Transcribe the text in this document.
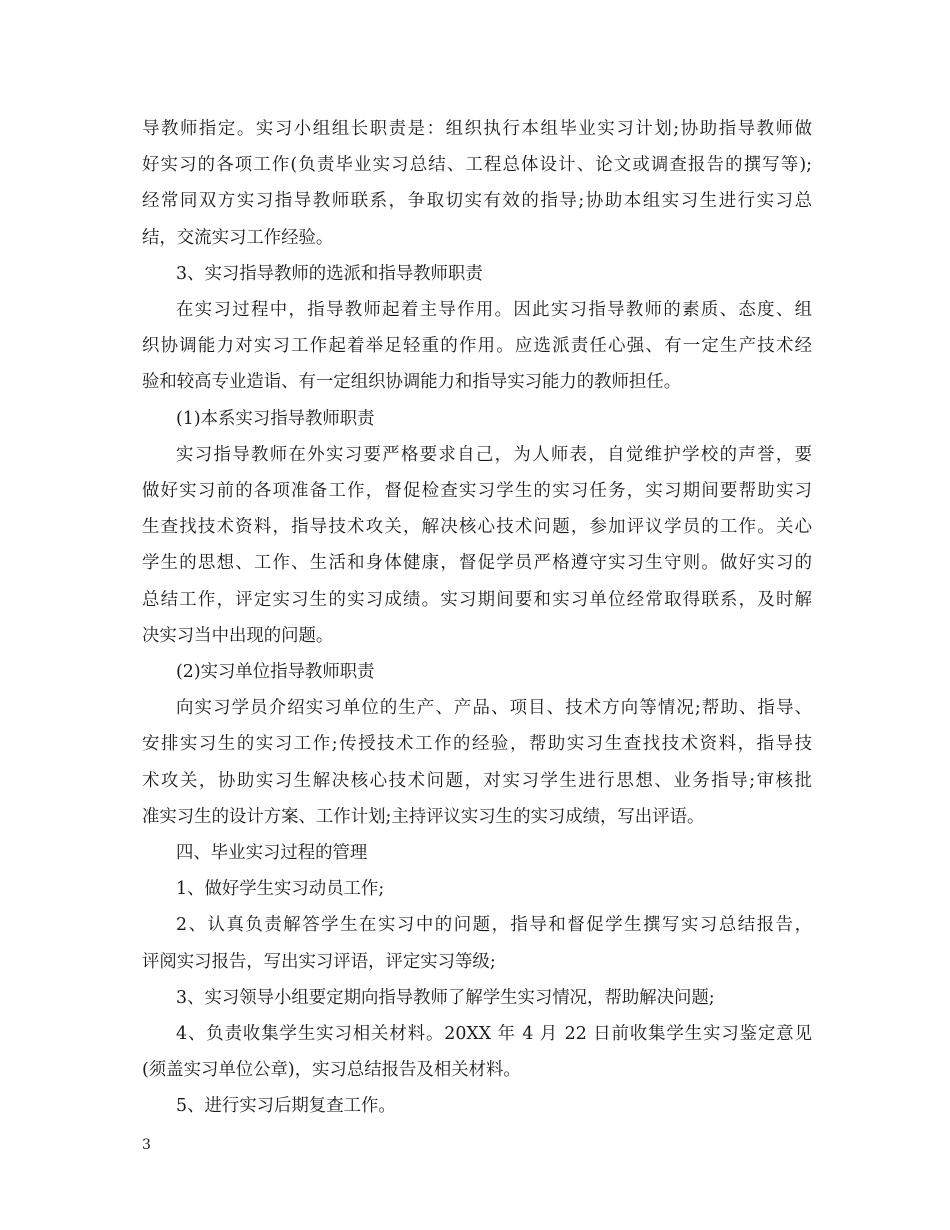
导教师指定。实习小组组长职责是：组织执行本组毕业实习计划;协助指导教师做
好实习的各项工作(负责毕业实习总结、工程总体设计、论文或调查报告的撰写等);
经常同双方实习指导教师联系，争取切实有效的指导;协助本组实习生进行实习总
结，交流实习工作经验。
3、实习指导教师的选派和指导教师职责
在实习过程中，指导教师起着主导作用。因此实习指导教师的素质、态度、组
织协调能力对实习工作起着举足轻重的作用。应选派责任心强、有一定生产技术经
验和较高专业造诣、有一定组织协调能力和指导实习能力的教师担任。
(1)本系实习指导教师职责
实习指导教师在外实习要严格要求自己，为人师表，自觉维护学校的声誉，要
做好实习前的各项准备工作，督促检查实习学生的实习任务，实习期间要帮助实习
生查找技术资料，指导技术攻关，解决核心技术问题，参加评议学员的工作。关心
学生的思想、工作、生活和身体健康，督促学员严格遵守实习生守则。做好实习的
总结工作，评定实习生的实习成绩。实习期间要和实习单位经常取得联系，及时解
决实习当中出现的问题。
(2)实习单位指导教师职责
向实习学员介绍实习单位的生产、产品、项目、技术方向等情况;帮助、指导、
安排实习生的实习工作;传授技术工作的经验，帮助实习生查找技术资料，指导技
术攻关，协助实习生解决核心技术问题，对实习学生进行思想、业务指导;审核批
准实习生的设计方案、工作计划;主持评议实习生的实习成绩，写出评语。
四、毕业实习过程的管理
1、做好学生实习动员工作;
2、认真负责解答学生在实习中的问题，指导和督促学生撰写实习总结报告，
评阅实习报告，写出实习评语，评定实习等级;
3、实习领导小组要定期向指导教师了解学生实习情况，帮助解决问题;
4、负责收集学生实习相关材料。20XX 年 4 月 22 日前收集学生实习鉴定意见
(须盖实习单位公章)，实习总结报告及相关材料。
5、进行实习后期复查工作。
3
